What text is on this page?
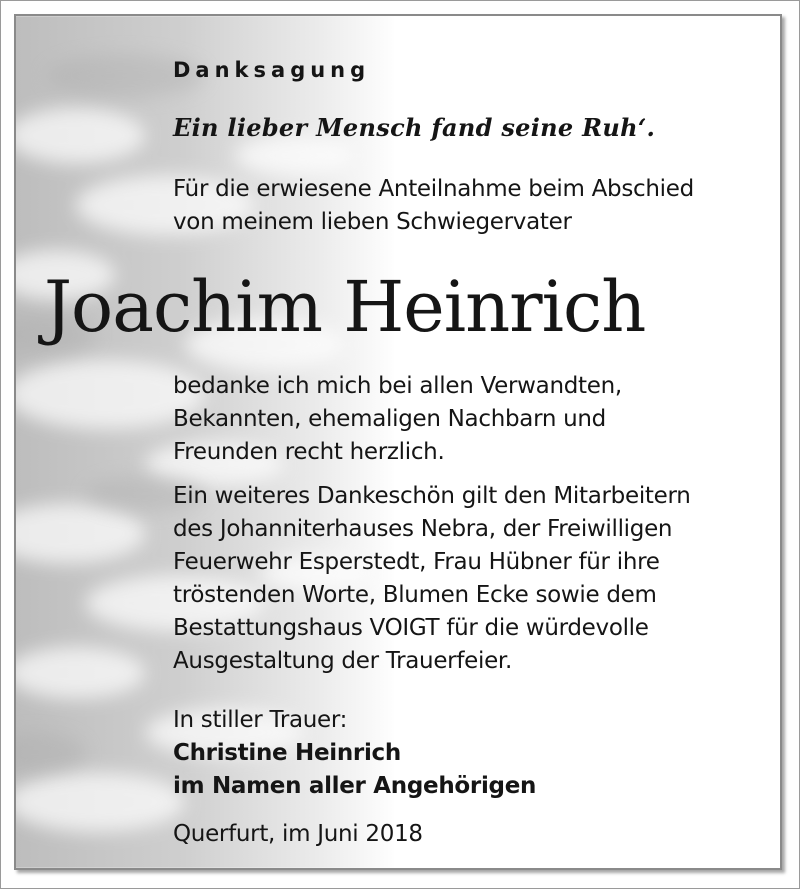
Danksagung

Ein lieber Mensch fand seine Ruh‘.

Für die erwiesene Anteilnahme beim Abschied
von meinem lieben Schwiegervater
Joachim Heinrich
bedanke ich mich bei allen Verwandten,
Bekannten, ehemaligen Nachbarn und
Freunden recht herzlich.
Ein weiteres Dankeschön gilt den Mitarbeitern
des Johanniterhauses Nebra, der Freiwilligen
Feuerwehr Esperstedt, Frau Hübner für ihre
tröstenden Worte, Blumen Ecke sowie dem
Bestattungshaus VOIGT für die würdevolle
Ausgestaltung der Trauerfeier.
In stiller Trauer:
Christine Heinrich
im Namen aller Angehörigen

Querfurt, im Juni 2018
